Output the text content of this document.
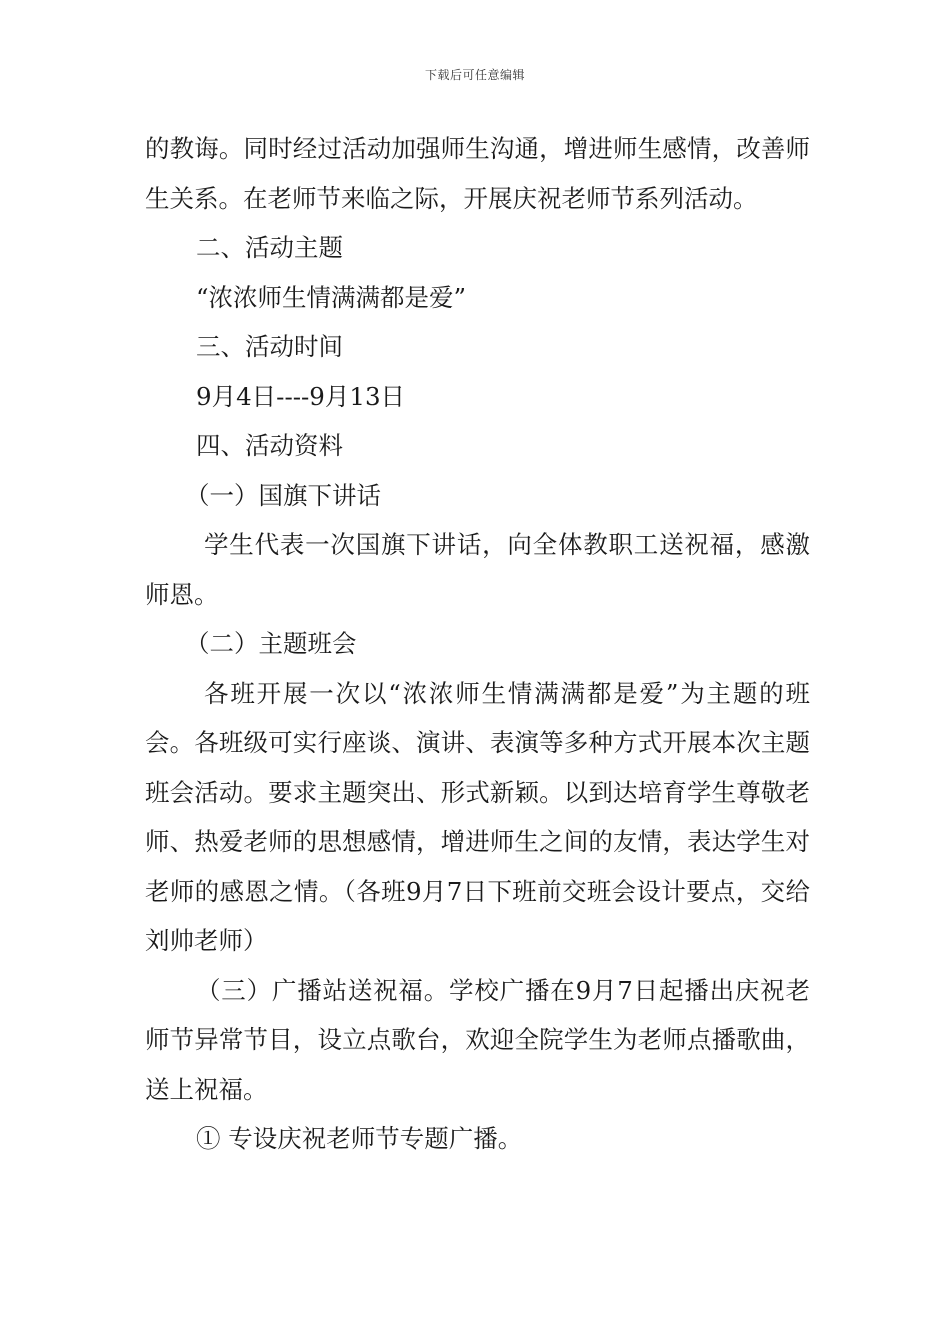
下载后可任意编辑

的教诲。同时经过活动加强师生沟通，增进师生感情，改善师生关系。在老师节来临之际，开展庆祝老师节系列活动。

二、活动主题

“浓浓师生情满满都是爱”

三、活动时间

9月4日----9月13日

四、活动资料

（一）国旗下讲话

学生代表一次国旗下讲话，向全体教职工送祝福，感激师恩。

（二）主题班会

各班开展一次以“浓浓师生情满满都是爱”为主题的班会。各班级可实行座谈、演讲、表演等多种方式开展本次主题班会活动。要求主题突出、形式新颖。以到达培育学生尊敬老师、热爱老师的思想感情，增进师生之间的友情，表达学生对老师的感恩之情。（各班9月7日下班前交班会设计要点，交给刘帅老师）

（三）广播站送祝福。学校广播在9月7日起播出庆祝老师节异常节目，设立点歌台，欢迎全院学生为老师点播歌曲，送上祝福。

① 专设庆祝老师节专题广播。
